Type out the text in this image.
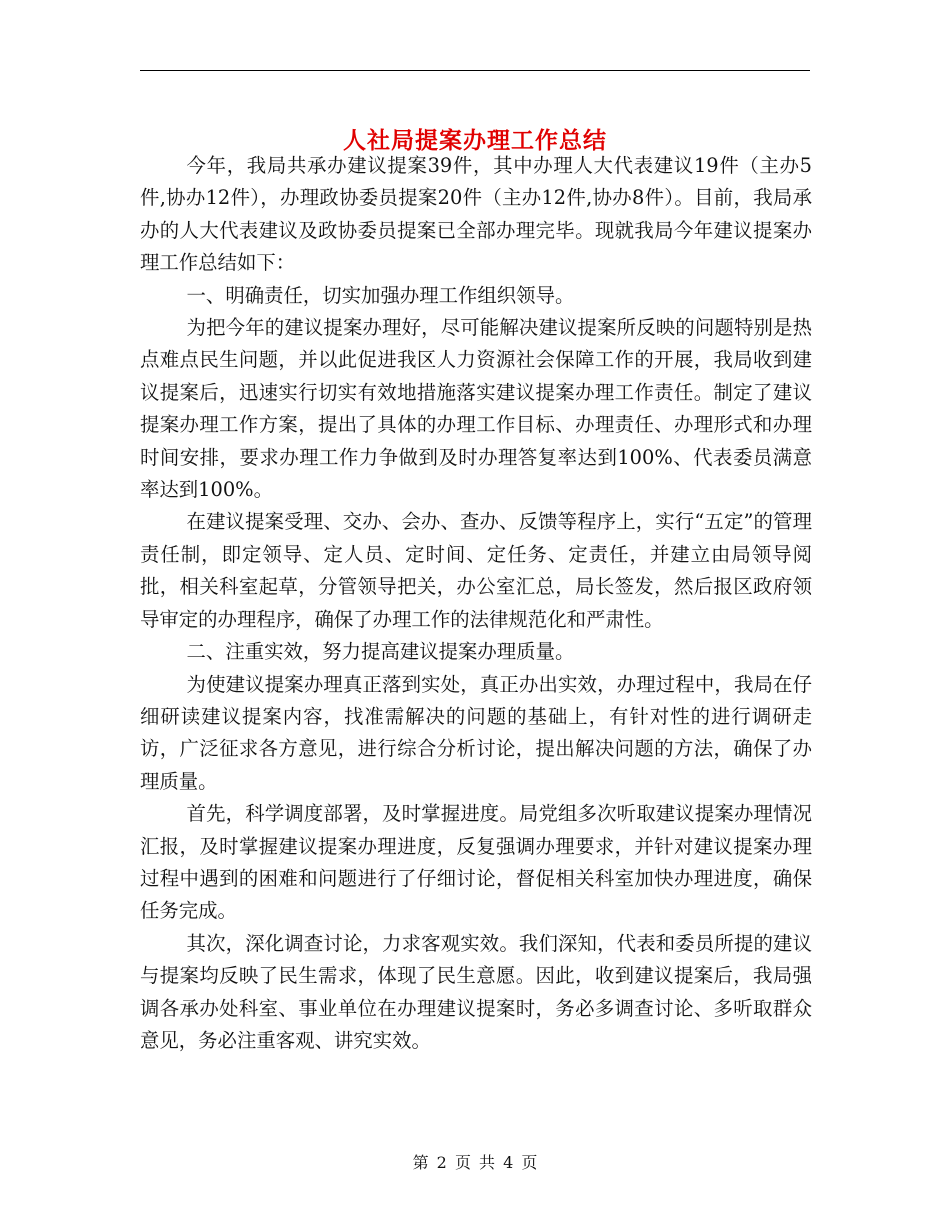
人社局提案办理工作总结

今年，我局共承办建议提案39件，其中办理人大代表建议19件（主办5件,协办12件），办理政协委员提案20件（主办12件,协办8件）。目前，我局承办的人大代表建议及政协委员提案已全部办理完毕。现就我局今年建议提案办理工作总结如下：

一、明确责任，切实加强办理工作组织领导。

为把今年的建议提案办理好，尽可能解决建议提案所反映的问题特别是热点难点民生问题，并以此促进我区人力资源社会保障工作的开展，我局收到建议提案后，迅速实行切实有效地措施落实建议提案办理工作责任。制定了建议提案办理工作方案，提出了具体的办理工作目标、办理责任、办理形式和办理时间安排，要求办理工作力争做到及时办理答复率达到100%、代表委员满意率达到100%。

在建议提案受理、交办、会办、查办、反馈等程序上，实行“五定”的管理责任制，即定领导、定人员、定时间、定任务、定责任，并建立由局领导阅批，相关科室起草，分管领导把关，办公室汇总，局长签发，然后报区政府领导审定的办理程序，确保了办理工作的法律规范化和严肃性。

二、注重实效，努力提高建议提案办理质量。

为使建议提案办理真正落到实处，真正办出实效，办理过程中，我局在仔细研读建议提案内容，找准需解决的问题的基础上，有针对性的进行调研走访，广泛征求各方意见，进行综合分析讨论，提出解决问题的方法，确保了办理质量。

首先，科学调度部署，及时掌握进度。局党组多次听取建议提案办理情况汇报，及时掌握建议提案办理进度，反复强调办理要求，并针对建议提案办理过程中遇到的困难和问题进行了仔细讨论，督促相关科室加快办理进度，确保任务完成。

其次，深化调查讨论，力求客观实效。我们深知，代表和委员所提的建议与提案均反映了民生需求，体现了民生意愿。因此，收到建议提案后，我局强调各承办处科室、事业单位在办理建议提案时，务必多调查讨论、多听取群众意见，务必注重客观、讲究实效。

第 2 页 共 4 页
